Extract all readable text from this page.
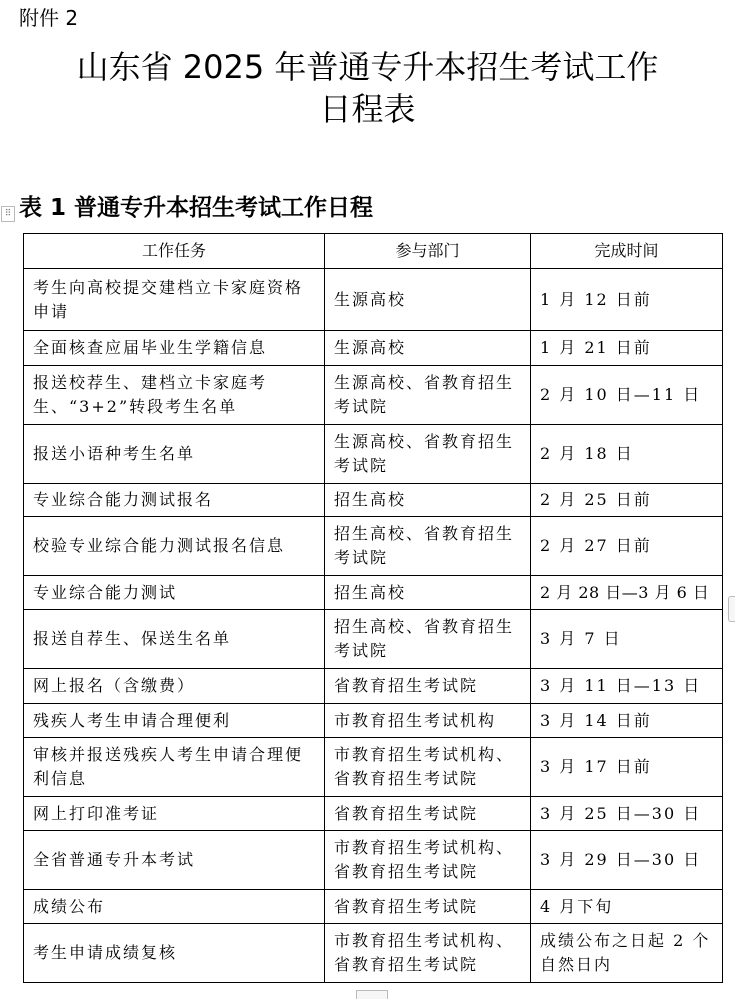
附件 2
山东省 2025 年普通专升本招生考试工作
日程表
⠿ 表 1 普通专升本招生考试工作日程
工作任务	参与部门	完成时间
考生向高校提交建档立卡家庭资格申请	生源高校	1 月 12 日前
全面核查应届毕业生学籍信息	生源高校	1 月 21 日前
报送校荐生、建档立卡家庭考生、“3+2”转段考生名单	生源高校、省教育招生考试院	2 月 10 日—11 日
报送小语种考生名单	生源高校、省教育招生考试院	2 月 18 日
专业综合能力测试报名	招生高校	2 月 25 日前
校验专业综合能力测试报名信息	招生高校、省教育招生考试院	2 月 27 日前
专业综合能力测试	招生高校	2 月 28 日—3 月 6 日
报送自荐生、保送生名单	招生高校、省教育招生考试院	3 月 7 日
网上报名（含缴费）	省教育招生考试院	3 月 11 日—13 日
残疾人考生申请合理便利	市教育招生考试机构	3 月 14 日前
审核并报送残疾人考生申请合理便利信息	市教育招生考试机构、省教育招生考试院	3 月 17 日前
网上打印准考证	省教育招生考试院	3 月 25 日—30 日
全省普通专升本考试	市教育招生考试机构、省教育招生考试院	3 月 29 日—30 日
成绩公布	省教育招生考试院	4 月下旬
考生申请成绩复核	市教育招生考试机构、省教育招生考试院	成绩公布之日起 2 个自然日内
